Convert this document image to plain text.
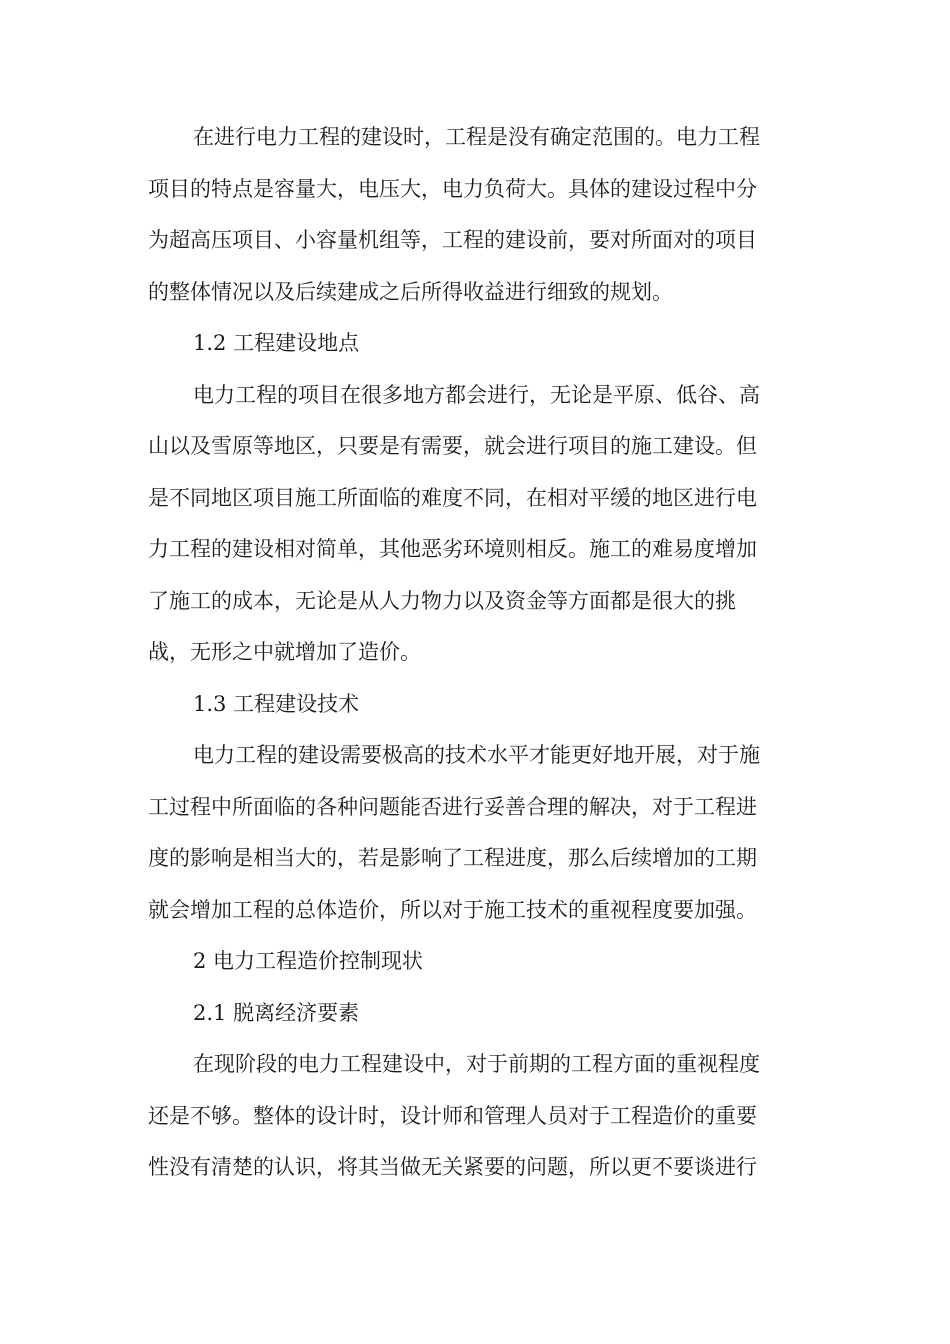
在进行电力工程的建设时，工程是没有确定范围的。电力工程
项目的特点是容量大，电压大，电力负荷大。具体的建设过程中分
为超高压项目、小容量机组等，工程的建设前，要对所面对的项目
的整体情况以及后续建成之后所得收益进行细致的规划。
1.2 工程建设地点
电力工程的项目在很多地方都会进行，无论是平原、低谷、高
山以及雪原等地区，只要是有需要，就会进行项目的施工建设。但
是不同地区项目施工所面临的难度不同，在相对平缓的地区进行电
力工程的建设相对简单，其他恶劣环境则相反。施工的难易度增加
了施工的成本，无论是从人力物力以及资金等方面都是很大的挑
战，无形之中就增加了造价。
1.3 工程建设技术
电力工程的建设需要极高的技术水平才能更好地开展，对于施
工过程中所面临的各种问题能否进行妥善合理的解决，对于工程进
度的影响是相当大的，若是影响了工程进度，那么后续增加的工期
就会增加工程的总体造价，所以对于施工技术的重视程度要加强。
2 电力工程造价控制现状
2.1 脱离经济要素
在现阶段的电力工程建设中，对于前期的工程方面的重视程度
还是不够。整体的设计时，设计师和管理人员对于工程造价的重要
性没有清楚的认识，将其当做无关紧要的问题，所以更不要谈进行
